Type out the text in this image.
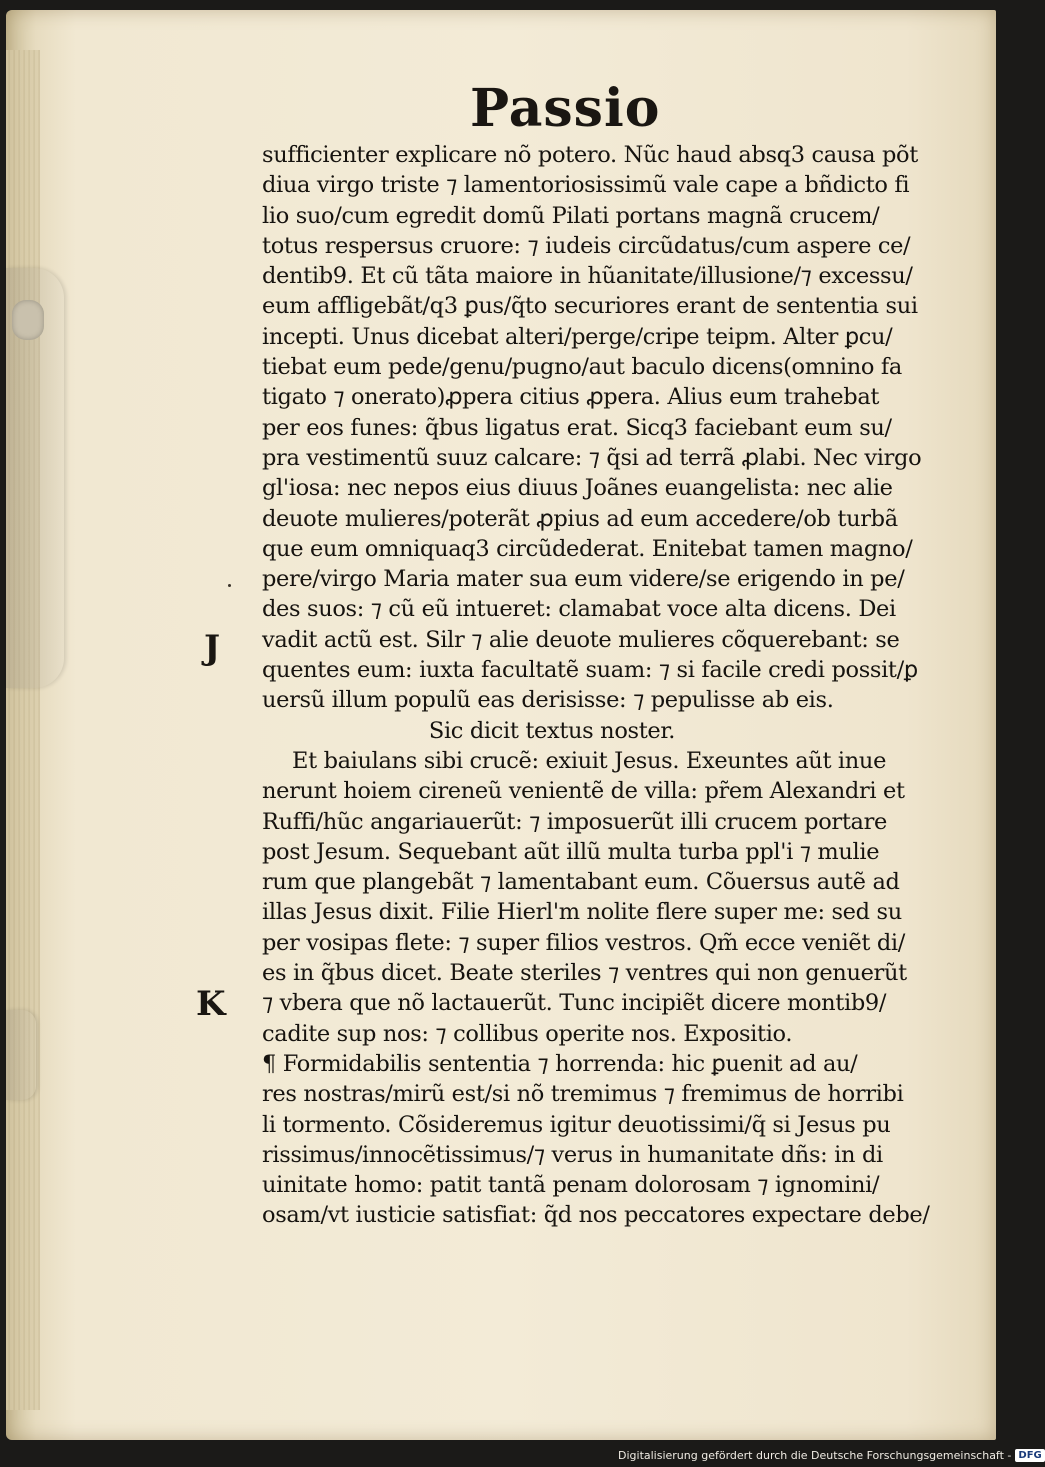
Passio
J
K
sufficienter explicare nõ potero. Nũc haud absq3 causa põt
diua virgo triste ⁊ lamentoriosissimũ vale cape a bñdicto fi
lio suo/cum egredit domũ Pilati portans magnã crucem/
totus respersus cruore: ⁊ iudeis circũdatus/cum aspere ce/
dentib9. Et cũ tãta maiore in hũanitate/illusione/⁊ excessu/
eum affligebãt/q3 ꝑus/q̃to securiores erant de sententia sui
incepti. Unus dicebat alteri/perge/cripe teipm. Alter ꝑcu/
tiebat eum pede/genu/pugno/aut baculo dicens(omnino fa
tigato ⁊ onerato)ꝓpera citius ꝓpera. Alius eum trahebat
per eos funes: q̃bus ligatus erat. Sicq3 faciebant eum su/
pra vestimentũ suuz calcare: ⁊ q̃si ad terrã ꝓlabi. Nec virgo
gl'iosa: nec nepos eius diuus Joãnes euangelista: nec alie
deuote mulieres/poterãt ꝓpius ad eum accedere/ob turbã
que eum omniquaq3 circũdederat. Enitebat tamen magno/
pere/virgo Maria mater sua eum videre/se erigendo in pe/
des suos: ⁊ cũ eũ intueret: clamabat voce alta dicens. Dei
vadit actũ est. Silr ⁊ alie deuote mulieres cõquerebant: se
quentes eum: iuxta facultatẽ suam: ⁊ si facile credi possit/ꝑ
uersũ illum populũ eas derisisse: ⁊ pepulisse ab eis.
Sic dicit textus noster.
Et baiulans sibi crucẽ: exiuit Jesus. Exeuntes aũt inue
nerunt hoiem cireneũ venientẽ de villa: pr̃em Alexandri et
Ruffi/hũc angariauerũt: ⁊ imposuerũt illi crucem portare
post Jesum. Sequebant aũt illũ multa turba ppl'i ⁊ mulie
rum que plangebãt ⁊ lamentabant eum. Cõuersus autẽ ad
illas Jesus dixit. Filie Hierl'm nolite flere super me: sed su
per vosipas flete: ⁊ super filios vestros. Qm̃ ecce veniẽt di/
es in q̃bus dicet. Beate steriles ⁊ ventres qui non genuerũt
⁊ vbera que nõ lactauerũt. Tunc incipiẽt dicere montib9/
cadite sup nos: ⁊ collibus operite nos. Expositio.
¶ Formidabilis sententia ⁊ horrenda: hic ꝑuenit ad au/
res nostras/mirũ est/si nõ tremimus ⁊ fremimus de horribi
li tormento. Cõsideremus igitur deuotissimi/q̃ si Jesus pu
rissimus/innocẽtissimus/⁊ verus in humanitate dñs: in di
uinitate homo: patit tantã penam dolorosam ⁊ ignomini/
osam/vt iusticie satisfiat: q̃d nos peccatores expectare debe/
Digitalisierung gefördert durch die Deutsche Forschungsgemeinschaft - DFG
